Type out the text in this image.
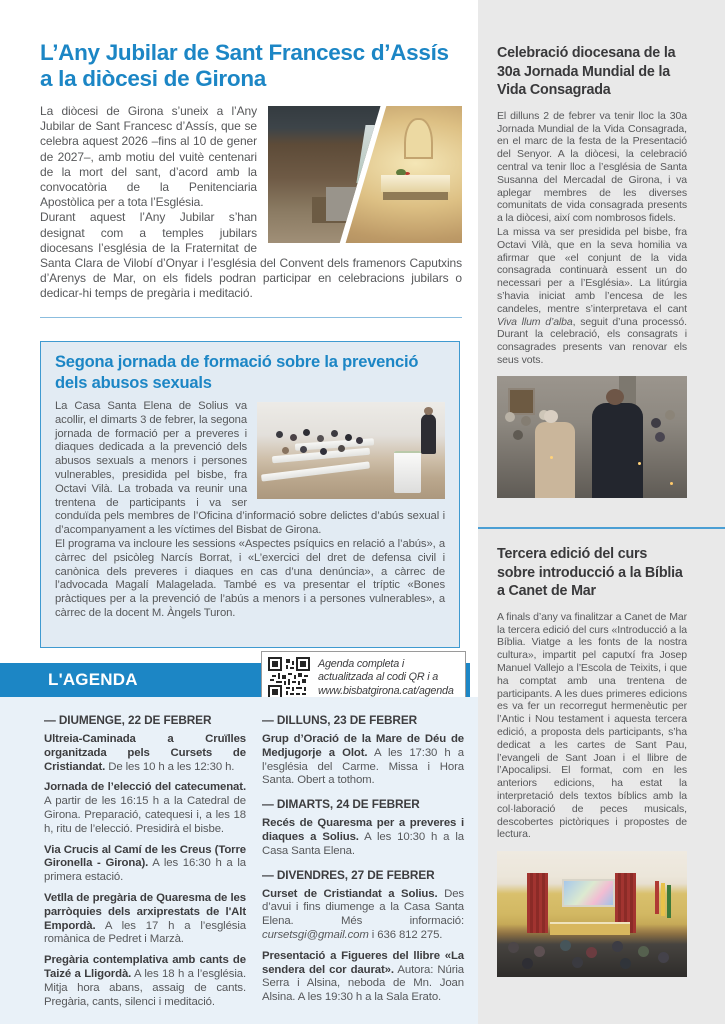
L’Any Jubilar de Sant Francesc d’Assís a la diòcesi de Girona

La diòcesi de Girona s’uneix a l’Any Jubilar de Sant Francesc d’Assís, que se celebra aquest 2026 –fins al 10 de gener de 2027–, amb motiu del vuitè centenari de la mort del sant, d’acord amb la convocatòria de la Penitenciaria Apostòlica per a tota l’Església.

Durant aquest l’Any Jubilar s’han designat com a temples jubilars diocesans l’església de la Fraternitat de Santa Clara de Vilobí d’Onyar i l’església del Convent dels framenors Caputxins d’Arenys de Mar, on els fidels podran participar en celebracions jubilars o dedicar-hi temps de pregària i meditació.

Segona jornada de formació sobre la prevenció dels abusos sexuals

La Casa Santa Elena de Solius va acollir, el dimarts 3 de febrer, la segona jornada de formació per a preveres i diaques dedicada a la prevenció dels abusos sexuals a menors i persones vulnerables, presidida pel bisbe, fra Octavi Vilà. La trobada va reunir una trentena de participants i va ser conduïda pels membres de l’Oficina d’informació sobre delictes d’abús sexual i d’acompanyament a les víctimes del Bisbat de Girona.

El programa va incloure les sessions «Aspectes psíquics en relació a l’abús», a càrrec del psicòleg Narcís Borrat, i «L’exercici del dret de defensa civil i canònica dels preveres i diaques en cas d’una denúncia», a càrrec de l’advocada Magalí Malagelada. També es va presentar el tríptic «Bones pràctiques per a la prevenció de l’abús a menors i a persones vulnerables», a càrrec de la docent M. Àngels Turon.

L'AGENDA
Agenda completa i
actualitzada al codi QR i a
www.bisbatgirona.cat/agenda
— DIUMENGE, 22 DE FEBRER

Ultreia-Caminada a Cruïlles organitzada pels Cursets de Cristiandat. De les 10 h a les 12:30 h.

Jornada de l’elecció del catecumenat. A partir de les 16:15 h a la Catedral de Girona. Preparació, catequesi i, a les 18 h, ritu de l’elecció. Presidirà el bisbe.

Via Crucis al Camí de les Creus (Torre Gironella - Girona). A les 16:30 h a la primera estació.

Vetlla de pregària de Quaresma de les parròquies dels arxiprestats de l'Alt Empordà. A les 17 h a l’església romànica de Pedret i Marzà.

Pregària contemplativa amb cants de Taizé a Lligordà. A les 18 h a l’església. Mitja hora abans, assaig de cants. Pregària, cants, silenci i meditació.

— DILLUNS, 23 DE FEBRER

Grup d’Oració de la Mare de Déu de Medjugorje a Olot. A les 17:30 h a l’església del Carme. Missa i Hora Santa. Obert a tothom.

— DIMARTS, 24 DE FEBRER

Recés de Quaresma per a preveres i diaques a Solius. A les 10:30 h a la Casa Santa Elena.

— DIVENDRES, 27 DE FEBRER

Curset de Cristiandat a Solius. Des d’avui i fins diumenge a la Casa Santa Elena. Més informació: cursetsgi@gmail.com i 636 812 275.

Presentació a Figueres del llibre «La sendera del cor daurat». Autora: Núria Serra i Alsina, neboda de Mn. Joan Alsina. A les 19:30 h a la Sala Erato.

Celebració diocesana de la 30a Jornada Mundial de la Vida Consagrada

El dilluns 2 de febrer va tenir lloc la 30a Jornada Mundial de la Vida Consagrada, en el marc de la festa de la Presentació del Senyor. A la diòcesi, la celebració central va tenir lloc a l’església de Santa Susanna del Mercadal de Girona, i va aplegar membres de les diverses comunitats de vida consagrada presents a la diòcesi, així com nombrosos fidels.

La missa va ser presidida pel bisbe, fra Octavi Vilà, que en la seva homilia va afirmar que «el conjunt de la vida consagrada continuarà essent un do necessari per a l’Església». La litúrgia s’havia iniciat amb l’encesa de les candeles, mentre s’interpretava el cant Viva llum d’alba, seguit d’una processó. Durant la celebració, els consagrats i consagrades presents van renovar els seus vots.

Tercera edició del curs sobre introducció a la Bíblia a Canet de Mar

A finals d’any va finalitzar a Canet de Mar la tercera edició del curs «Introducció a la Bíblia. Viatge a les fonts de la nostra cultura», impartit pel caputxí fra Josep Manuel Vallejo a l’Escola de Teixits, i que ha comptat amb una trentena de participants. A les dues primeres edicions es va fer un recorregut hermenèutic per l’Antic i Nou testament i aquesta tercera edició, a proposta dels participants, s’ha dedicat a les cartes de Sant Pau, l’evangeli de Sant Joan i el llibre de l’Apocalipsi. El format, com en les anteriors edicions, ha estat la interpretació dels textos bíblics amb la col·laboració de peces musicals, descobertes pictòriques i propostes de lectura.
